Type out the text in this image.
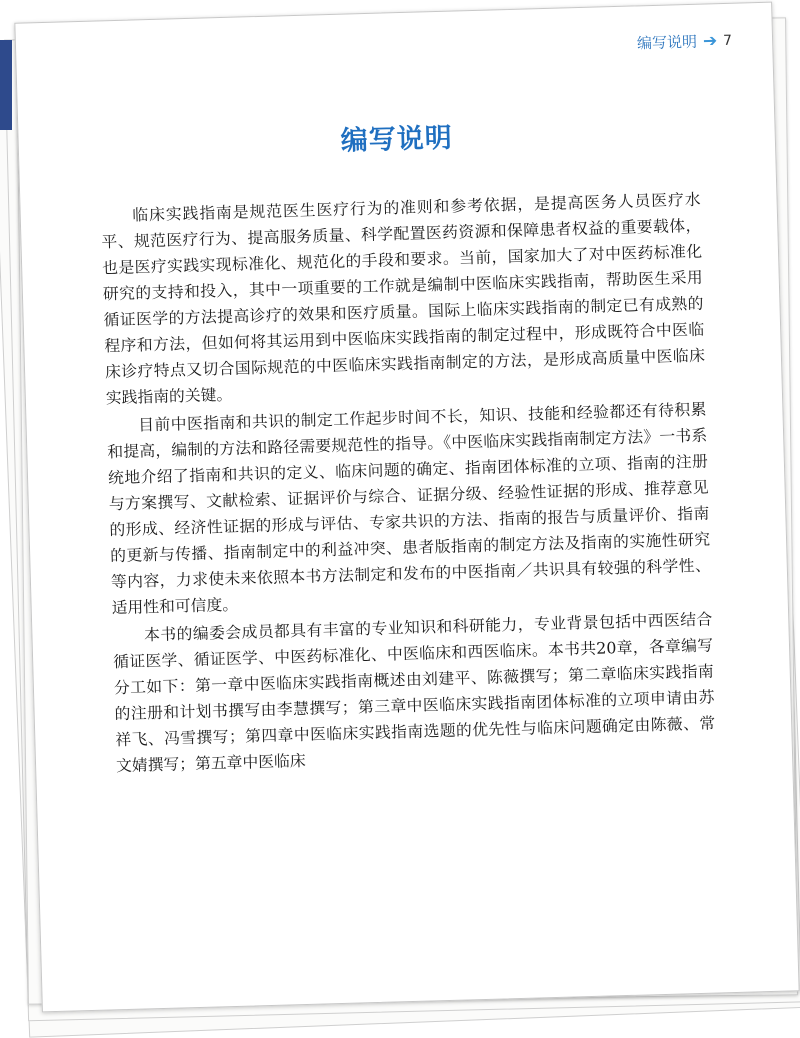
编写说明 ➔ 7
编写说明

临床实践指南是规范医生医疗行为的准则和参考依据，是提高医务人员医疗水平、规范医疗行为、提高服务质量、科学配置医药资源和保障患者权益的重要载体，也是医疗实践实现标准化、规范化的手段和要求。当前，国家加大了对中医药标准化研究的支持和投入，其中一项重要的工作就是编制中医临床实践指南，帮助医生采用循证医学的方法提高诊疗的效果和医疗质量。国际上临床实践指南的制定已有成熟的程序和方法，但如何将其运用到中医临床实践指南的制定过程中，形成既符合中医临床诊疗特点又切合国际规范的中医临床实践指南制定的方法，是形成高质量中医临床实践指南的关键。

目前中医指南和共识的制定工作起步时间不长，知识、技能和经验都还有待积累和提高，编制的方法和路径需要规范性的指导。《中医临床实践指南制定方法》一书系统地介绍了指南和共识的定义、临床问题的确定、指南团体标准的立项、指南的注册与方案撰写、文献检索、证据评价与综合、证据分级、经验性证据的形成、推荐意见的形成、经济性证据的形成与评估、专家共识的方法、指南的报告与质量评价、指南的更新与传播、指南制定中的利益冲突、患者版指南的制定方法及指南的实施性研究等内容，力求使未来依照本书方法制定和发布的中医指南／共识具有较强的科学性、适用性和可信度。

本书的编委会成员都具有丰富的专业知识和科研能力，专业背景包括中西医结合循证医学、循证医学、中医药标准化、中医临床和西医临床。本书共20章，各章编写分工如下：第一章中医临床实践指南概述由刘建平、陈薇撰写；第二章临床实践指南的注册和计划书撰写由李慧撰写；第三章中医临床实践指南团体标准的立项申请由苏祥飞、冯雪撰写；第四章中医临床实践指南选题的优先性与临床问题确定由陈薇、常文婧撰写；第五章中医临床
